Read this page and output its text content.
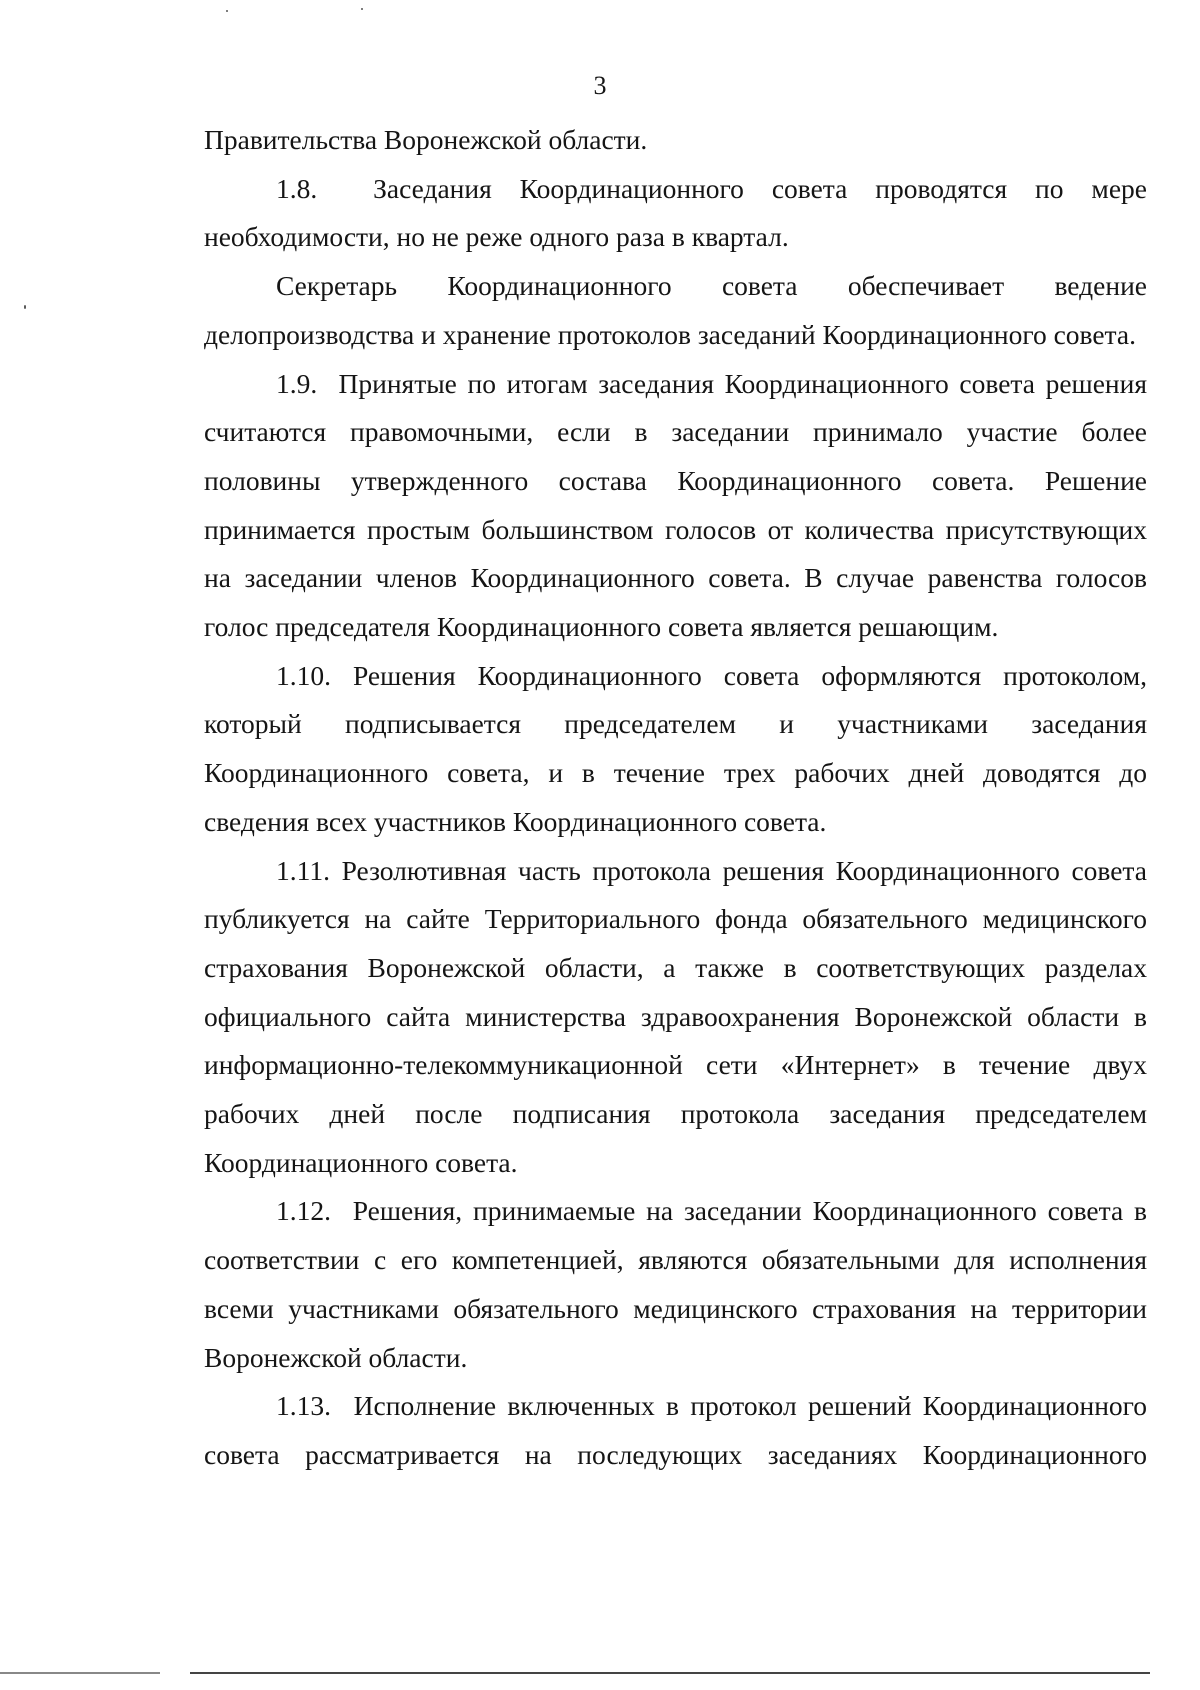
3

Правительства Воронежской области.

1.8. Заседания Координационного совета проводятся по мере необходимости, но не реже одного раза в квартал.

Секретарь Координационного совета обеспечивает ведение делопроизводства и хранение протоколов заседаний Координационного совета.

1.9. Принятые по итогам заседания Координационного совета решения считаются правомочными, если в заседании принимало участие более половины утвержденного состава Координационного совета. Решение принимается простым большинством голосов от количества присутствующих на заседании членов Координационного совета. В случае равенства голосов голос председателя Координационного совета является решающим.

1.10. Решения Координационного совета оформляются протоколом, который подписывается председателем и участниками заседания Координационного совета, и в течение трех рабочих дней доводятся до сведения всех участников Координационного совета.

1.11. Резолютивная часть протокола решения Координационного совета публикуется на сайте Территориального фонда обязательного медицинского страхования Воронежской области, а также в соответствующих разделах официального сайта министерства здравоохранения Воронежской области в информационно-телекоммуникационной сети «Интернет» в течение двух рабочих дней после подписания протокола заседания председателем Координационного совета.

1.12. Решения, принимаемые на заседании Координационного совета в соответствии с его компетенцией, являются обязательными для исполнения всеми участниками обязательного медицинского страхования на территории Воронежской области.

1.13. Исполнение включенных в протокол решений Координационного совета рассматривается на последующих заседаниях Координационного
